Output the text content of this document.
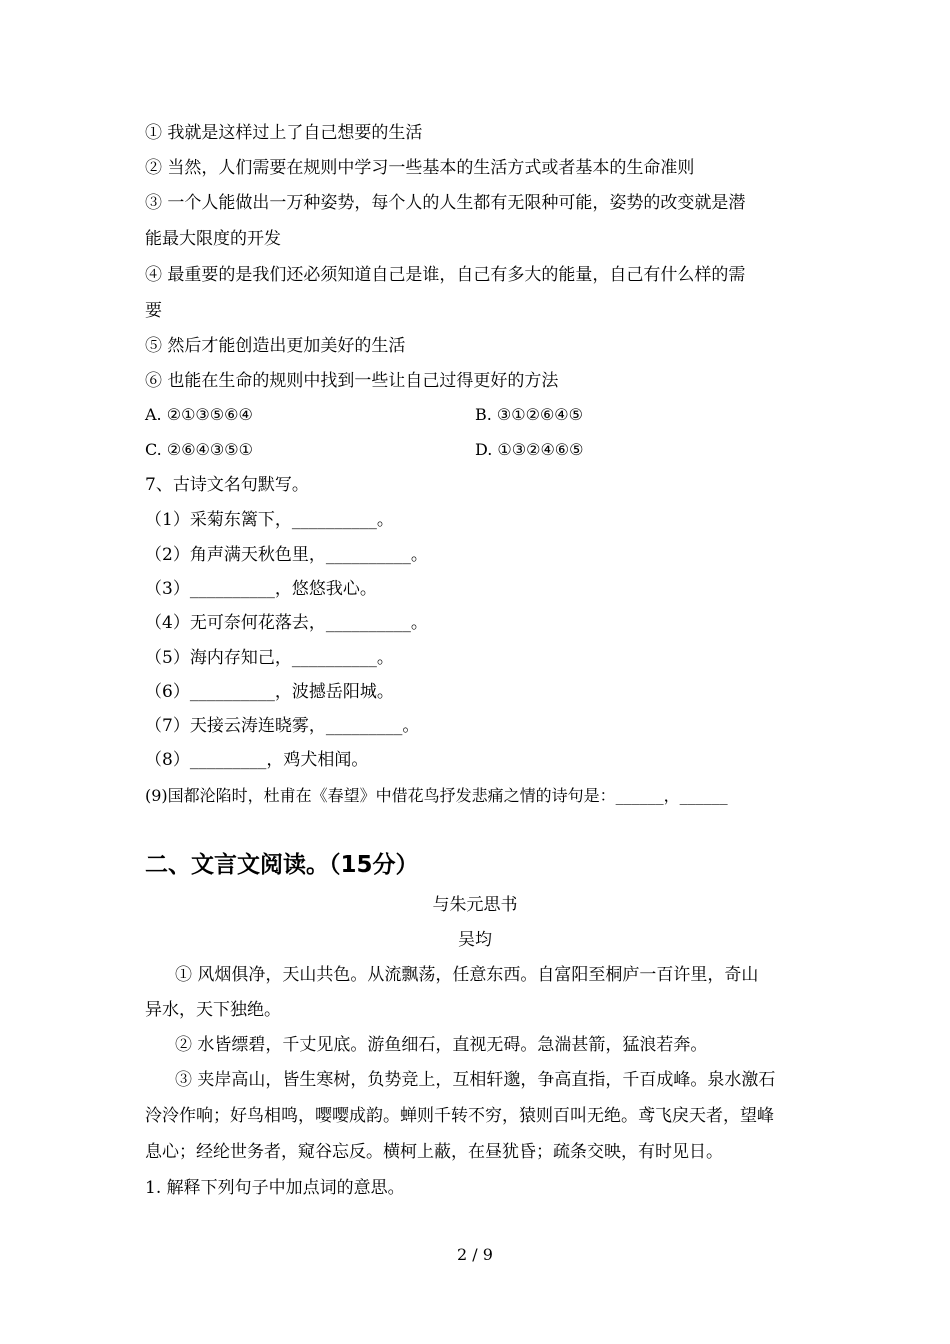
① 我就是这样过上了自己想要的生活
② 当然，人们需要在规则中学习一些基本的生活方式或者基本的生命准则
③ 一个人能做出一万种姿势，每个人的人生都有无限种可能，姿势的改变就是潜
能最大限度的开发
④ 最重要的是我们还必须知道自己是谁，自己有多大的能量，自己有什么样的需
要
⑤ 然后才能创造出更加美好的生活
⑥ 也能在生命的规则中找到一些让自己过得更好的方法
A. ②①③⑤⑥④	B. ③①②⑥④⑤
C. ②⑥④③⑤①	D. ①③②④⑥⑤
7、古诗文名句默写。
（1）采菊东篱下，__________。
（2）角声满天秋色里，__________。
（3）__________，悠悠我心。
（4）无可奈何花落去，__________。
（5）海内存知己，__________。
（6）__________，波撼岳阳城。
（7）天接云涛连晓雾，_________。
（8）_________，鸡犬相闻。
(9)国都沦陷时，杜甫在《春望》中借花鸟抒发悲痛之情的诗句是：______，______
二、文言文阅读。（15分）
与朱元思书
吴均
① 风烟俱净，天山共色。从流飘荡，任意东西。自富阳至桐庐一百许里，奇山
异水，天下独绝。
② 水皆缥碧，千丈见底。游鱼细石，直视无碍。急湍甚箭，猛浪若奔。
③ 夹岸高山，皆生寒树，负势竞上，互相轩邈，争高直指，千百成峰。泉水激石
泠泠作响；好鸟相鸣，嘤嘤成韵。蝉则千转不穷，猿则百叫无绝。鸢飞戾天者，望峰
息心；经纶世务者，窥谷忘反。横柯上蔽，在昼犹昏；疏条交映，有时见日。
1. 解释下列句子中加点词的意思。
2 / 9
